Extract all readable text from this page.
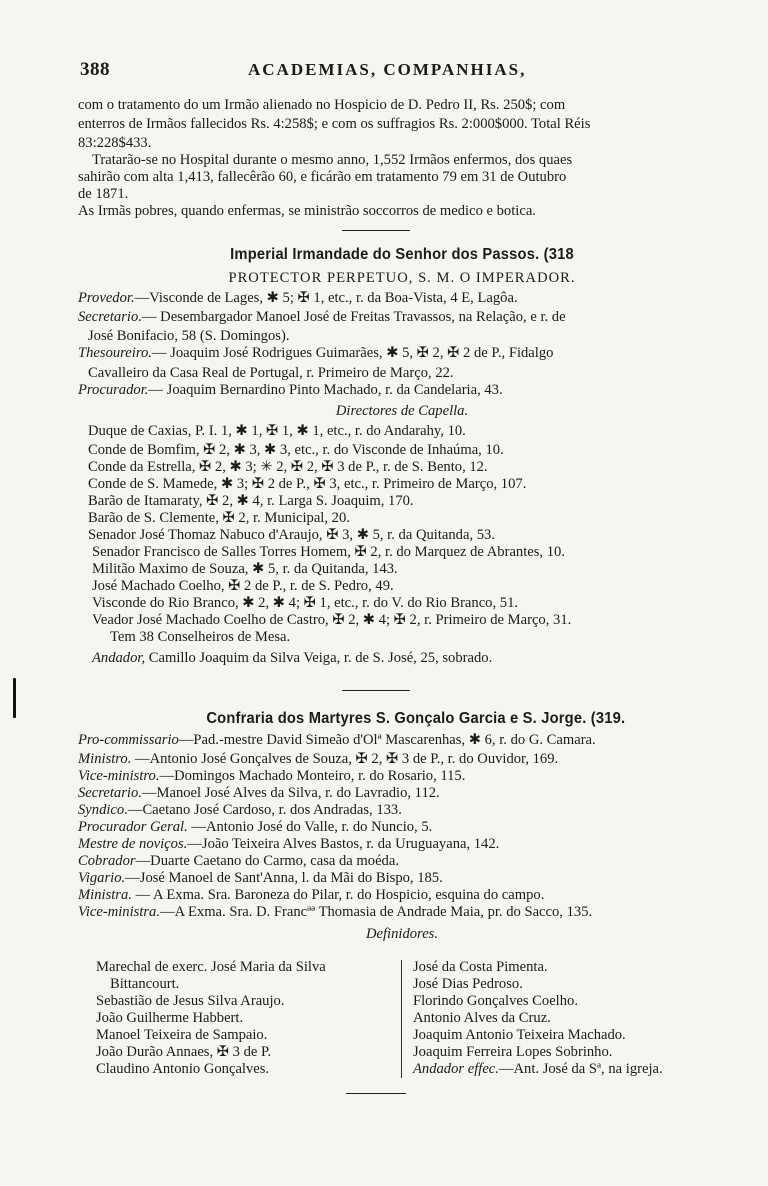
388	ACADEMIAS, COMPANHIAS,
com o tratamento do um Irmão alienado no Hospicio de D. Pedro II, Rs. 250$; com
enterros de Irmãos fallecidos Rs. 4:258$; e com os suffragios Rs. 2:000$000. Total Réis
83:228$433.
Tratarão-se no Hospital durante o mesmo anno, 1,552 Irmãos enfermos, dos quaes
sahirão com alta 1,413, fallecêrão 60, e ficárão em tratamento 79 em 31 de Outubro
de 1871.
As Irmãs pobres, quando enfermas, se ministrão soccorros de medico e botica.
Imperial Irmandade do Senhor dos Passos. (318
PROTECTOR PERPETUO, S. M. O IMPERADOR.
Provedor.—Visconde de Lages, ✱ 5; ✠ 1, etc., r. da Boa-Vista, 4 E, Lagôa.
Secretario.— Desembargador Manoel José de Freitas Travassos, na Relação, e r. de
José Bonifacio, 58 (S. Domingos).
Thesoureiro.— Joaquim José Rodrigues Guimarães, ✱ 5, ✠ 2, ✠ 2 de P., Fidalgo
Cavalleiro da Casa Real de Portugal, r. Primeiro de Março, 22.
Procurador.— Joaquim Bernardino Pinto Machado, r. da Candelaria, 43.
Directores de Capella.
Duque de Caxias, P. I. 1, ✱ 1, ✠ 1, ✱ 1, etc., r. do Andarahy, 10.
Conde de Bomfim, ✠ 2, ✱ 3, ✱ 3, etc., r. do Visconde de Inhaúma, 10.
Conde da Estrella, ✠ 2, ✱ 3; ✳ 2, ✠ 2, ✠ 3 de P., r. de S. Bento, 12.
Conde de S. Mamede, ✱ 3; ✠ 2 de P., ✠ 3, etc., r. Primeiro de Março, 107.
Barão de Itamaraty, ✠ 2, ✱ 4, r. Larga S. Joaquim, 170.
Barão de S. Clemente, ✠ 2, r. Municipal, 20.
Senador José Thomaz Nabuco d'Araujo, ✠ 3, ✱ 5, r. da Quitanda, 53.
Senador Francisco de Salles Torres Homem, ✠ 2, r. do Marquez de Abrantes, 10.
Militão Maximo de Souza, ✱ 5, r. da Quitanda, 143.
José Machado Coelho, ✠ 2 de P., r. de S. Pedro, 49.
Visconde do Rio Branco, ✱ 2, ✱ 4; ✠ 1, etc., r. do V. do Rio Branco, 51.
Veador José Machado Coelho de Castro, ✠ 2, ✱ 4; ✠ 2, r. Primeiro de Março, 31.
Tem 38 Conselheiros de Mesa.
Andador, Camillo Joaquim da Silva Veiga, r. de S. José, 25, sobrado.
Confraria dos Martyres S. Gonçalo Garcia e S. Jorge. (319.
Pro-commissario—Pad.-mestre David Simeão d'Olª Mascarenhas, ✱ 6, r. do G. Camara.
Ministro. —Antonio José Gonçalves de Souza, ✠ 2, ✠ 3 de P., r. do Ouvidor, 169.
Vice-ministro.—Domingos Machado Monteiro, r. do Rosario, 115.
Secretario.—Manoel José Alves da Silva, r. do Lavradio, 112.
Syndico.—Caetano José Cardoso, r. dos Andradas, 133.
Procurador Geral. —Antonio José do Valle, r. do Nuncio, 5.
Mestre de noviços.—João Teixeira Alves Bastos, r. da Uruguayana, 142.
Cobrador—Duarte Caetano do Carmo, casa da moéda.
Vigario.—José Manoel de Sant'Anna, l. da Mãi do Bispo, 185.
Ministra. — A Exma. Sra. Baroneza do Pilar, r. do Hospicio, esquina do campo.
Vice-ministra.—A Exma. Sra. D. Francªª Thomasia de Andrade Maia, pr. do Sacco, 135.
Definidores.
Marechal de exerc. José Maria da Silva
Bittancourt.
Sebastião de Jesus Silva Araujo.
João Guilherme Habbert.
Manoel Teixeira de Sampaio.
João Durão Annaes, ✠ 3 de P.
Claudino Antonio Gonçalves.
José da Costa Pimenta.
José Dias Pedroso.
Florindo Gonçalves Coelho.
Antonio Alves da Cruz.
Joaquim Antonio Teixeira Machado.
Joaquim Ferreira Lopes Sobrinho.
Andador effec.—Ant. José da Sª, na igreja.
